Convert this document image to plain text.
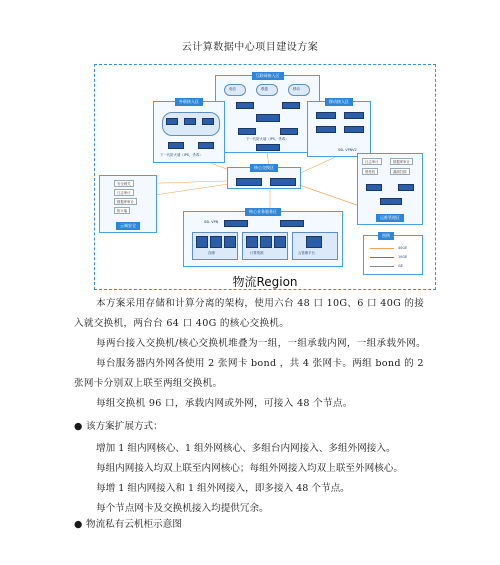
云计算数据中心项目建设方案
互联网接入区
电信	联通	移动
下一代防火墙（IPS、杀毒）
外联接入区
下一代防火墙（IPS、杀毒）
移动接入区
SSL VPNV2
核心交换区
核心业务服务区
SSL VPN
存储	计算资源	云管理平台
安全网关
日志审计
数据库审计
防火墙
云端安全
日志审计	数据库审计
堡垒机	漏洞扫描
运维管理区
图例
40GE
10GE
GE
物流Region
本方案采用存储和计算分离的架构，使用六台 48 口 10G、6 口 40G 的接入就交换机，两台台 64 口 40G 的核心交换机。
每两台接入交换机/核心交换机堆叠为一组，一组承载内网，一组承载外网。
每台服务器内外网各使用 2 张网卡 bond ，共 4 张网卡。两组 bond 的 2 张网卡分别双上联至两组交换机。
每组交换机 96 口，承载内网或外网，可接入 48 个节点。
● 该方案扩展方式：
增加 1 组内网核心、1 组外网核心、多组台内网接入、多组外网接入。
每组内网接入均双上联至内网核心；每组外网接入均双上联至外网核心。
每增 1 组内网接入和 1 组外网接入，即多接入 48 个节点。
每个节点网卡及交换机接入均提供冗余。
● 物流私有云机柜示意图
